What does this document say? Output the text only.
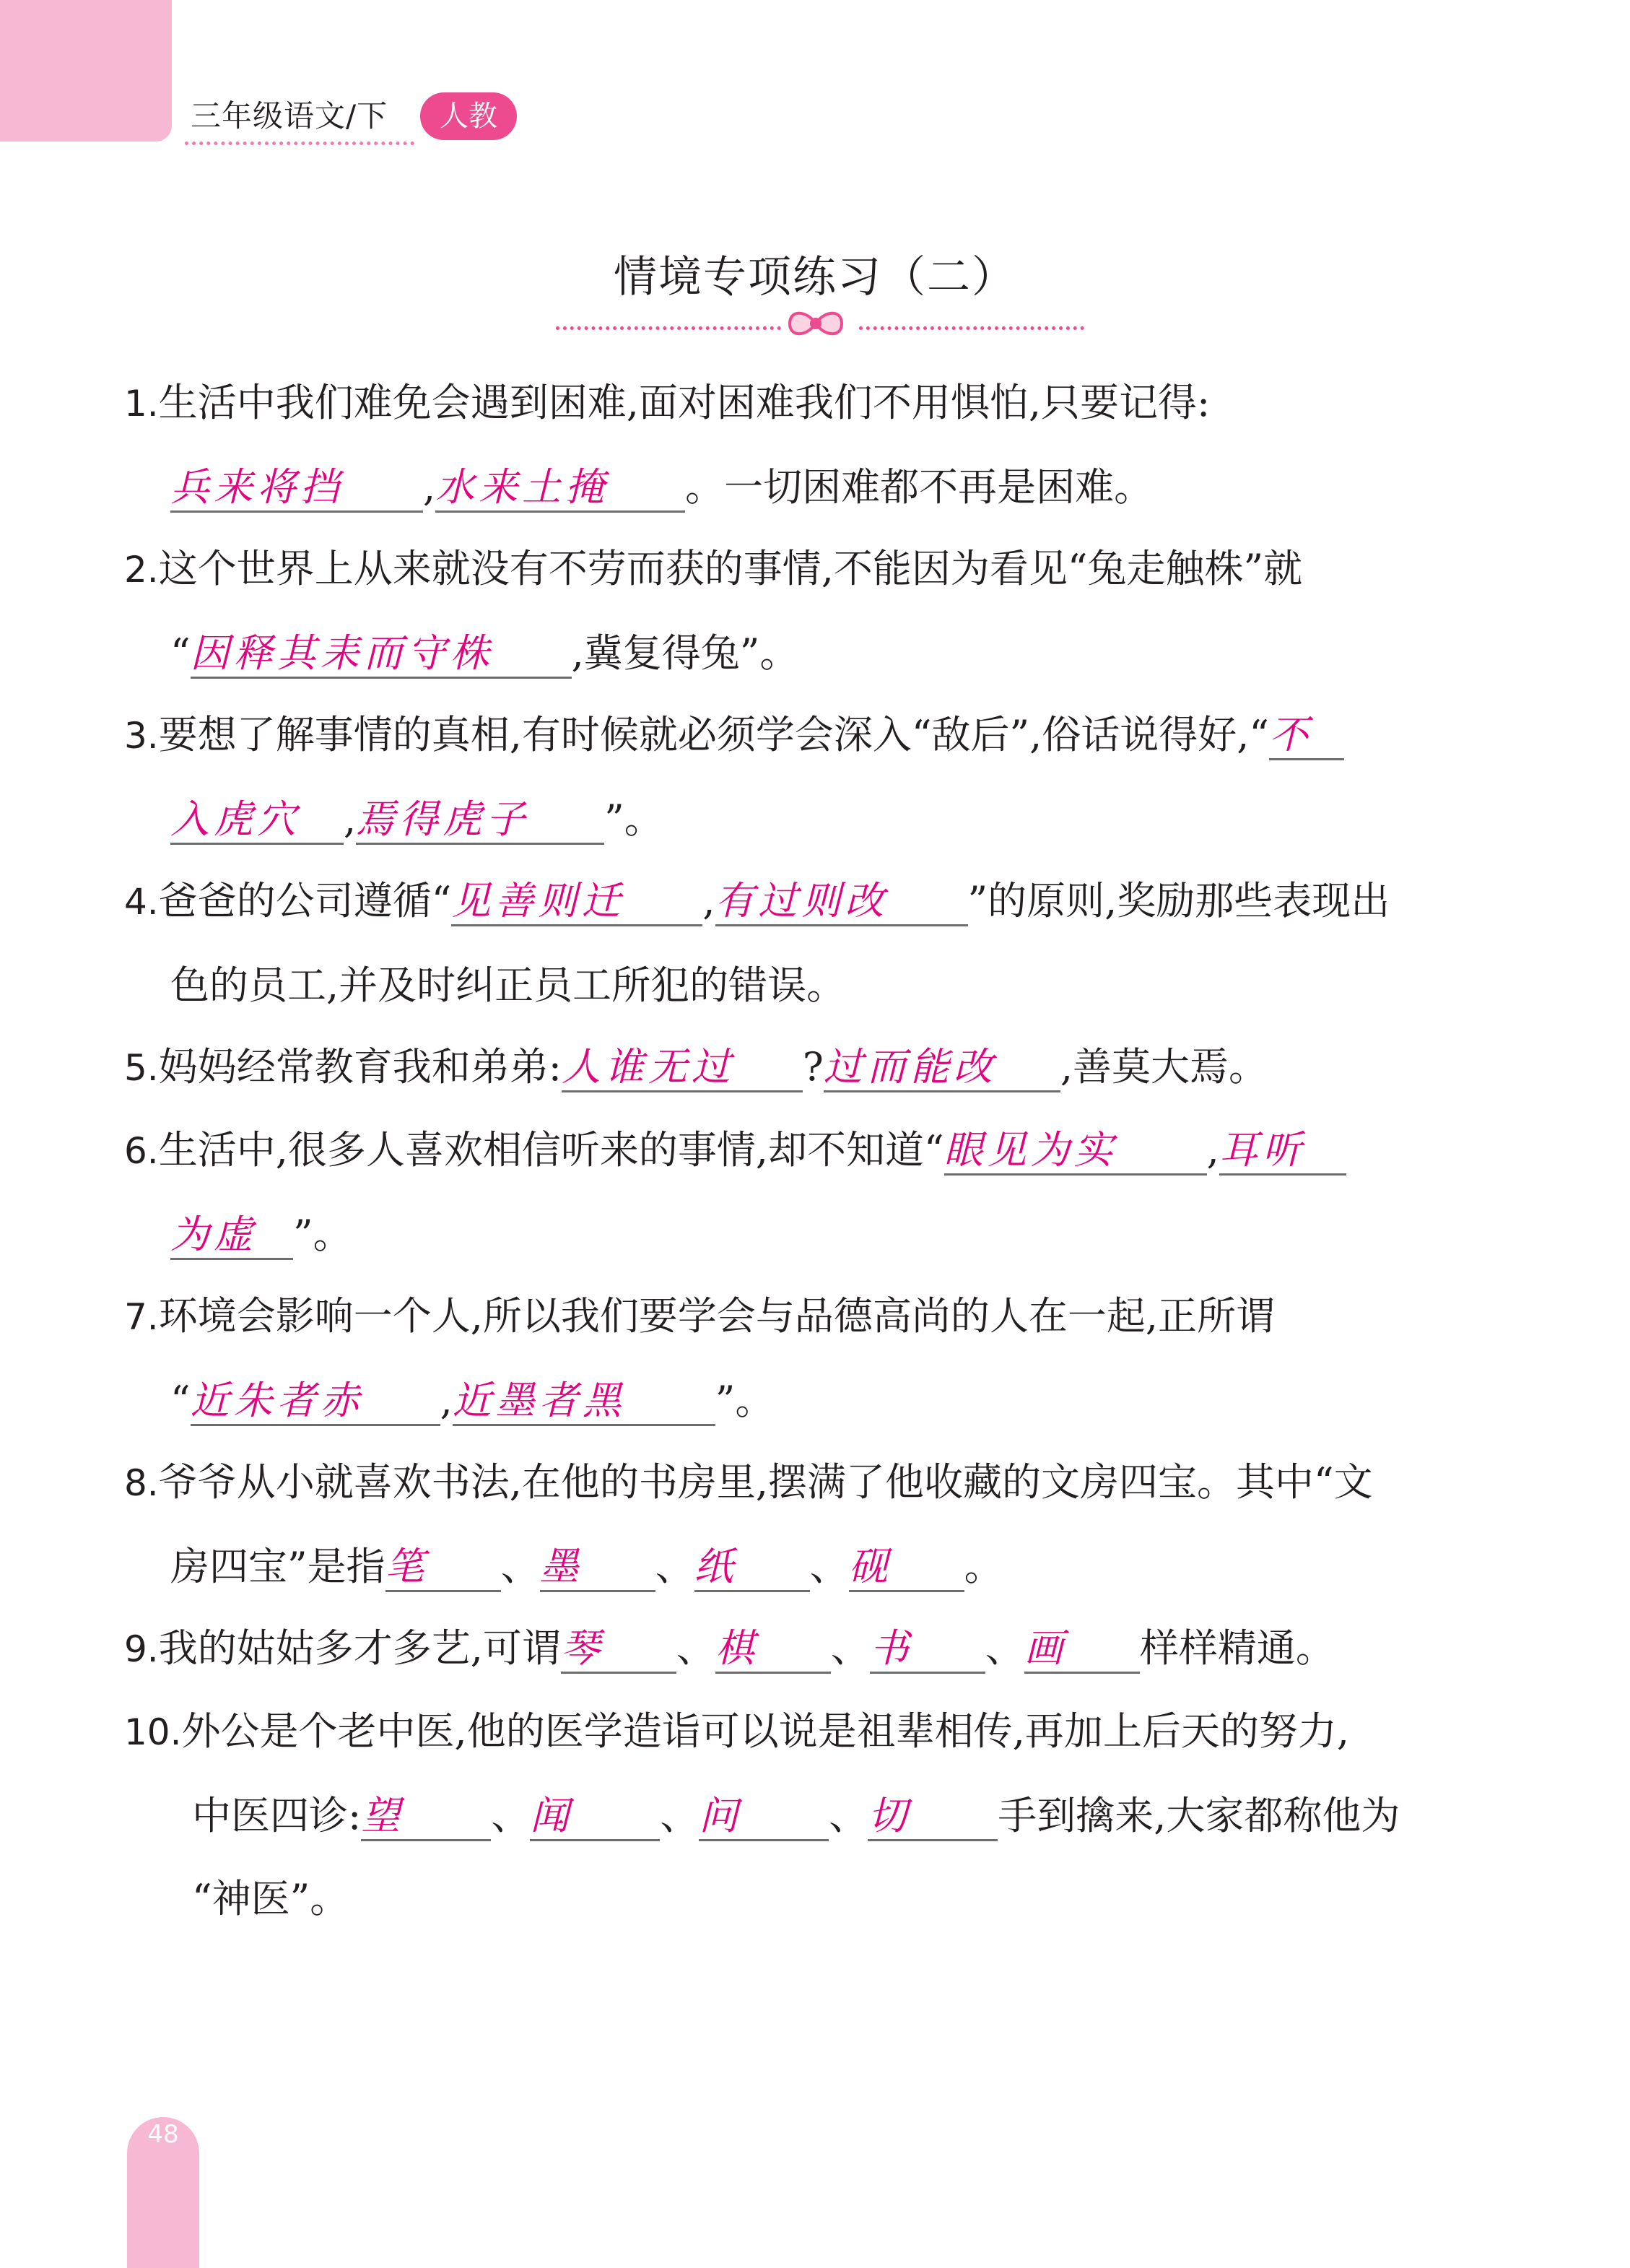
三年级语文/下	人教
情境专项练习（二）
1.生活中我们难免会遇到困难,面对困难我们不用惧怕,只要记得:
兵来将挡 ,水来土掩 。一切困难都不再是困难。
2.这个世界上从来就没有不劳而获的事情,不能因为看见“兔走触株”就
“因释其耒而守株 ,冀复得兔”。
3.要想了解事情的真相,有时候就必须学会深入“敌后”,俗话说得好,“不
入虎穴 ,焉得虎子 ”。
4.爸爸的公司遵循“见善则迁 ,有过则改 ”的原则,奖励那些表现出
色的员工,并及时纠正员工所犯的错误。
5.妈妈经常教育我和弟弟:人谁无过 ?过而能改 ,善莫大焉。
6.生活中,很多人喜欢相信听来的事情,却不知道“眼见为实 ,耳听
为虚 ”。
7.环境会影响一个人,所以我们要学会与品德高尚的人在一起,正所谓
“近朱者赤 ,近墨者黑 ”。
8.爷爷从小就喜欢书法,在他的书房里,摆满了他收藏的文房四宝。其中“文
房四宝”是指笔 、墨 、纸 、砚 。
9.我的姑姑多才多艺,可谓琴 、棋 、书 、画 样样精通。
10.外公是个老中医,他的医学造诣可以说是祖辈相传,再加上后天的努力,
中医四诊:望 、闻 、问 、切 手到擒来,大家都称他为
“神医”。
48
